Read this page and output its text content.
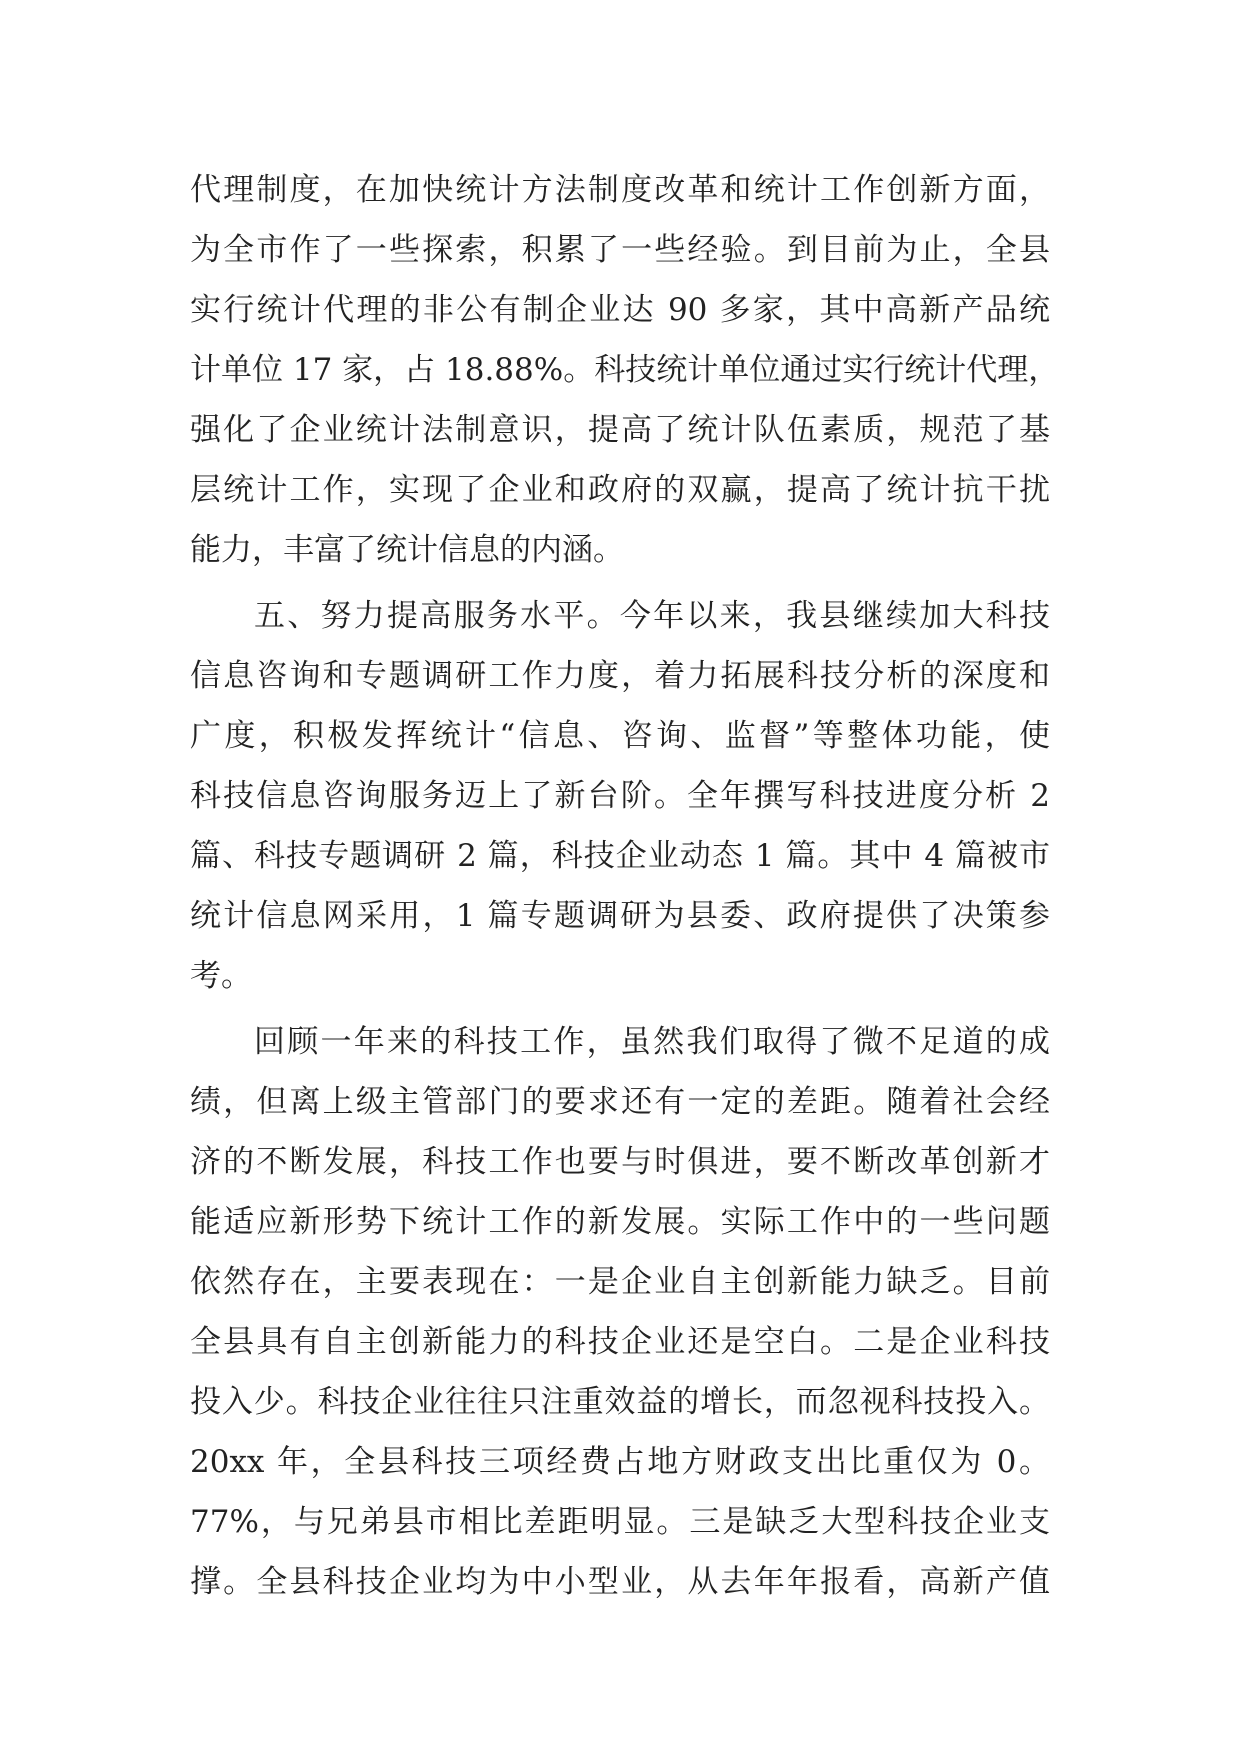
代理制度，在加快统计方法制度改革和统计工作创新方面，
为全市作了一些探索，积累了一些经验。到目前为止，全县
实行统计代理的非公有制企业达 90 多家，其中高新产品统
计单位 17 家，占 18.88%。科技统计单位通过实行统计代理，
强化了企业统计法制意识，提高了统计队伍素质，规范了基
层统计工作，实现了企业和政府的双赢，提高了统计抗干扰
能力，丰富了统计信息的内涵。
五、努力提高服务水平。今年以来，我县继续加大科技
信息咨询和专题调研工作力度，着力拓展科技分析的深度和
广度，积极发挥统计“信息、咨询、监督”等整体功能，使
科技信息咨询服务迈上了新台阶。全年撰写科技进度分析 2
篇、科技专题调研 2 篇，科技企业动态 1 篇。其中 4 篇被市
统计信息网采用，1 篇专题调研为县委、政府提供了决策参
考。
回顾一年来的科技工作，虽然我们取得了微不足道的成
绩，但离上级主管部门的要求还有一定的差距。随着社会经
济的不断发展，科技工作也要与时俱进，要不断改革创新才
能适应新形势下统计工作的新发展。实际工作中的一些问题
依然存在，主要表现在：一是企业自主创新能力缺乏。目前
全县具有自主创新能力的科技企业还是空白。二是企业科技
投入少。科技企业往往只注重效益的增长，而忽视科技投入。
20xx 年，全县科技三项经费占地方财政支出比重仅为 0。
77%，与兄弟县市相比差距明显。三是缺乏大型科技企业支
撑。全县科技企业均为中小型业，从去年年报看，高新产值
